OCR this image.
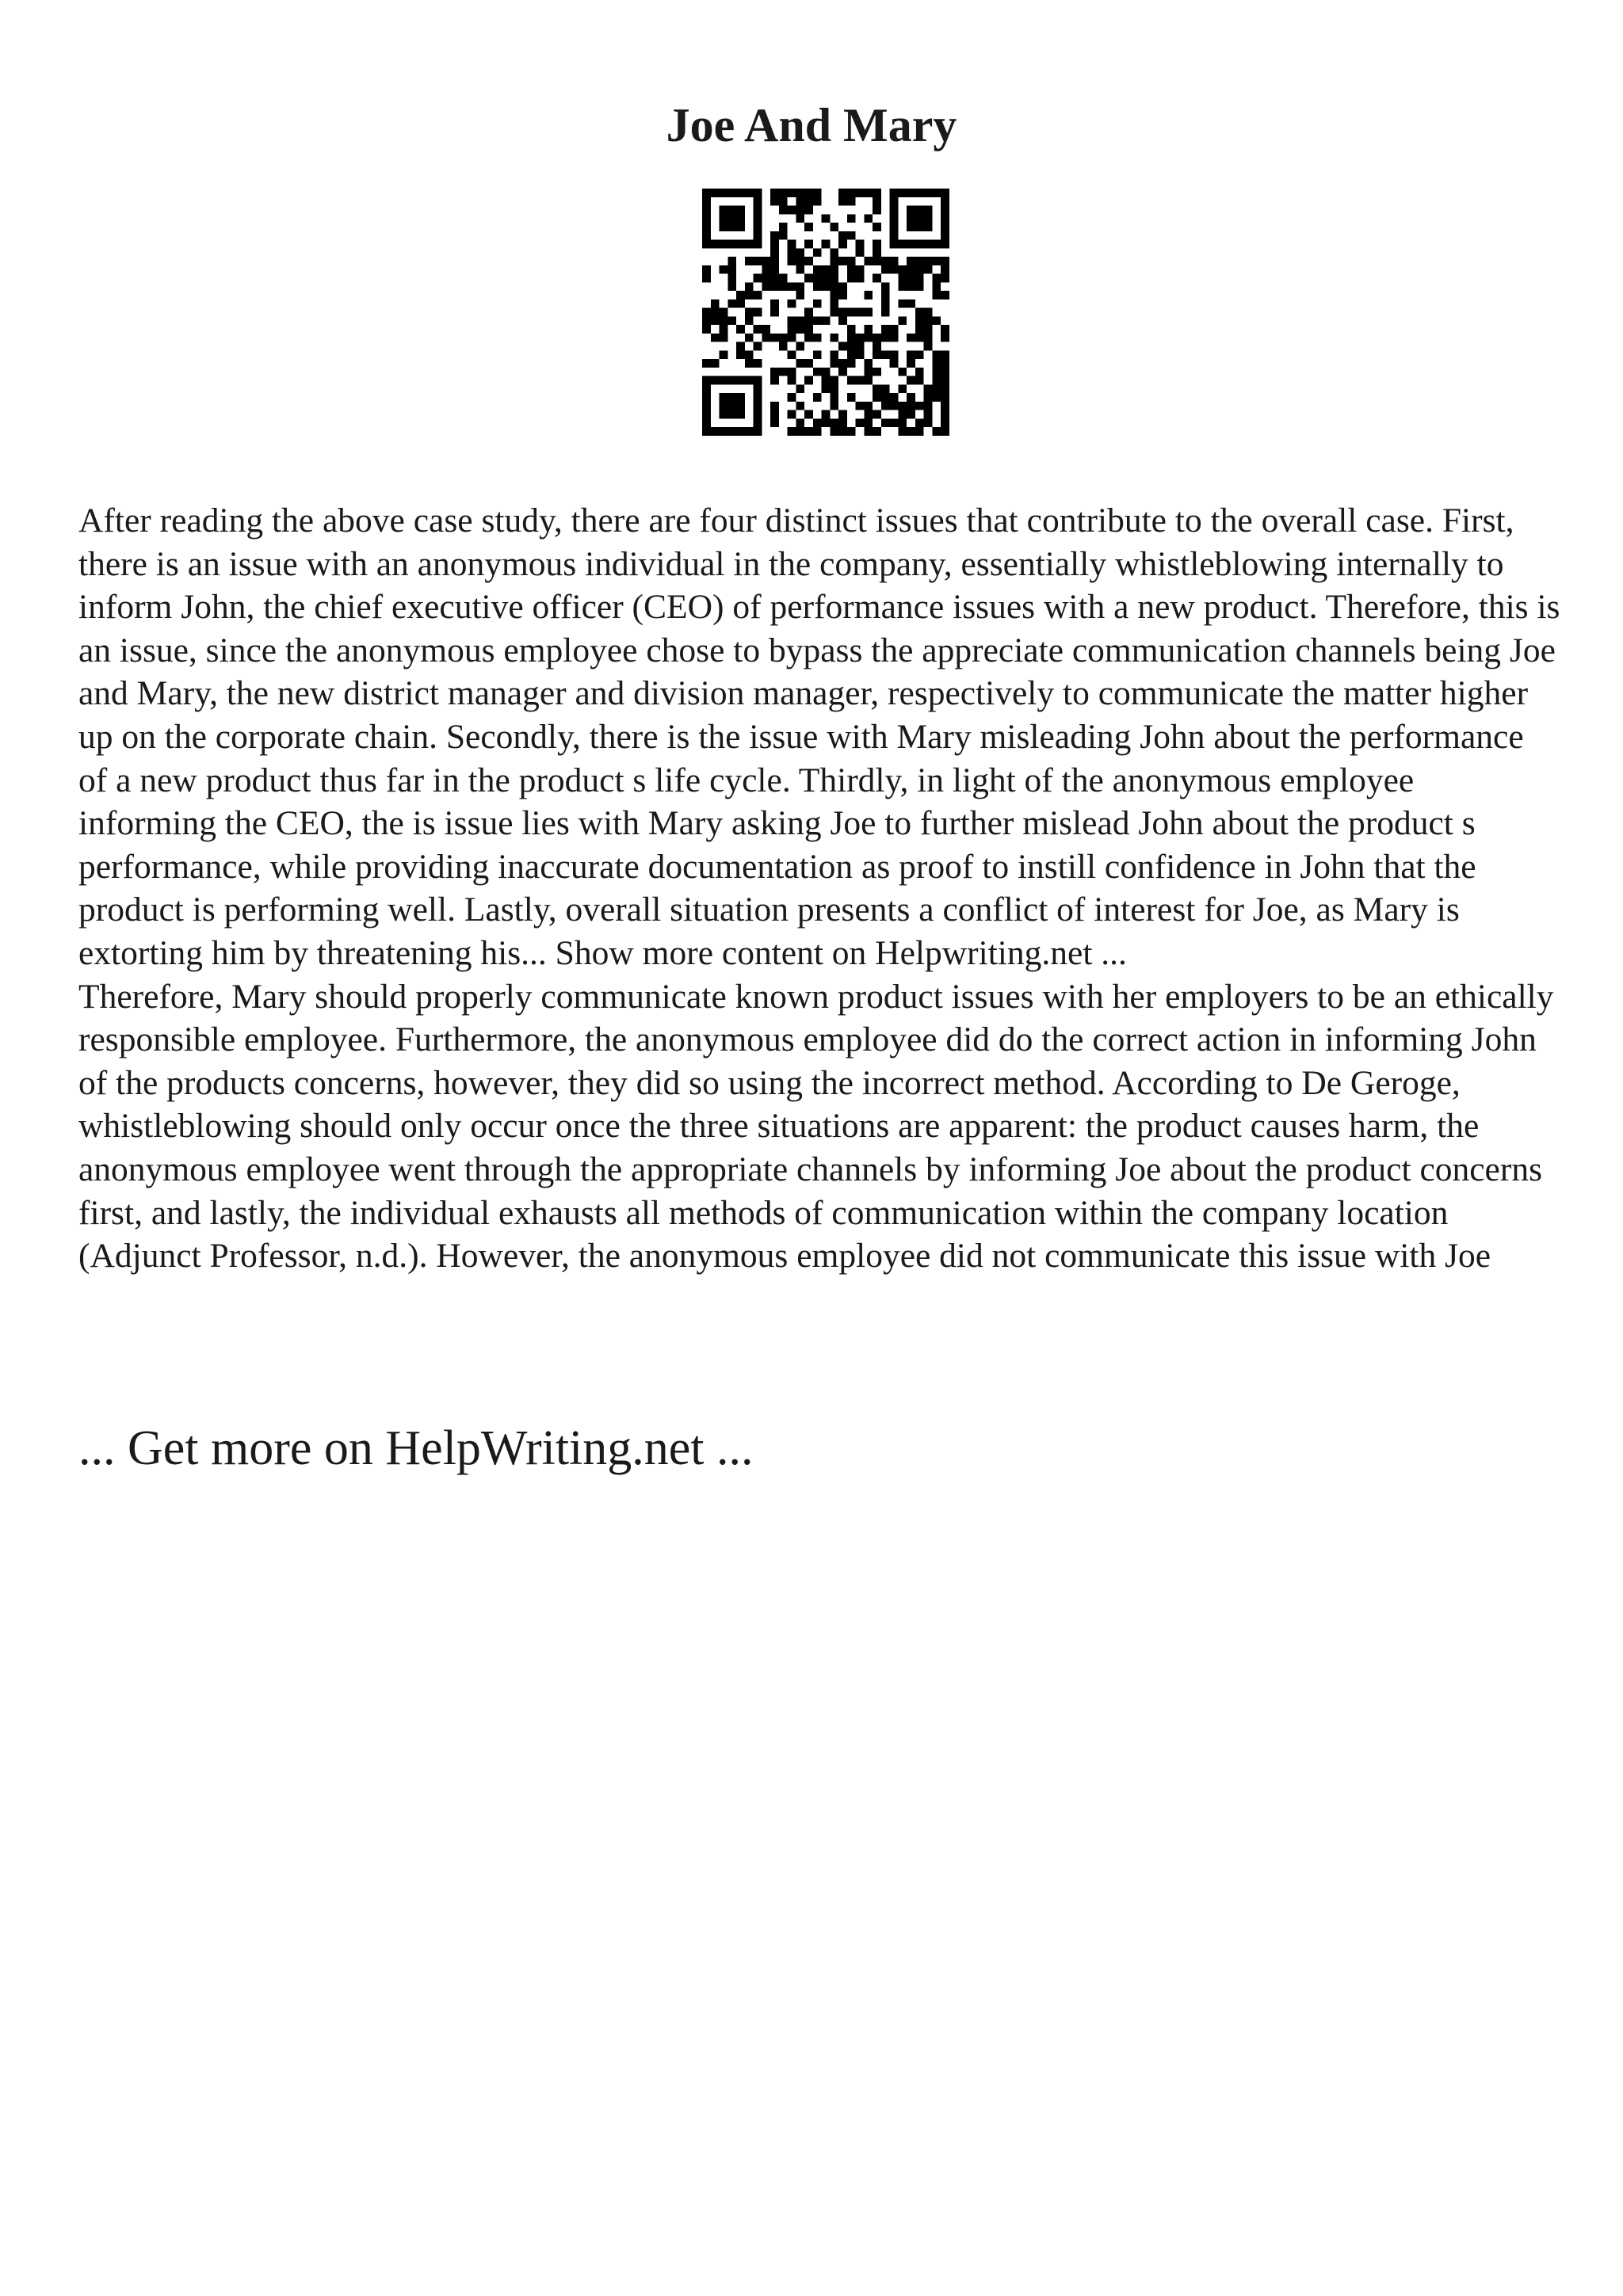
Joe And Mary

After reading the above case study, there are four distinct issues that contribute to the overall case. First, there is an issue with an anonymous individual in the company, essentially whistleblowing internally to inform John, the chief executive officer (CEO) of performance issues with a new product. Therefore, this is an issue, since the anonymous employee chose to bypass the appreciate communication channels being Joe and Mary, the new district manager and division manager, respectively to communicate the matter higher up on the corporate chain. Secondly, there is the issue with Mary misleading John about the performance of a new product thus far in the product s life cycle. Thirdly, in light of the anonymous employee informing the CEO, the is issue lies with Mary asking Joe to further mislead John about the product s performance, while providing inaccurate documentation as proof to instill confidence in John that the product is performing well. Lastly, overall situation presents a conflict of interest for Joe, as Mary is extorting him by threatening his... Show more content on Helpwriting.net ...

Therefore, Mary should properly communicate known product issues with her employers to be an ethically responsible employee. Furthermore, the anonymous employee did do the correct action in informing John of the products concerns, however, they did so using the incorrect method. According to De Geroge, whistleblowing should only occur once the three situations are apparent: the product causes harm, the anonymous employee went through the appropriate channels by informing Joe about the product concerns first, and lastly, the individual exhausts all methods of communication within the company location (Adjunct Professor, n.d.). However, the anonymous employee did not communicate this issue with Joe

... Get more on HelpWriting.net ...
